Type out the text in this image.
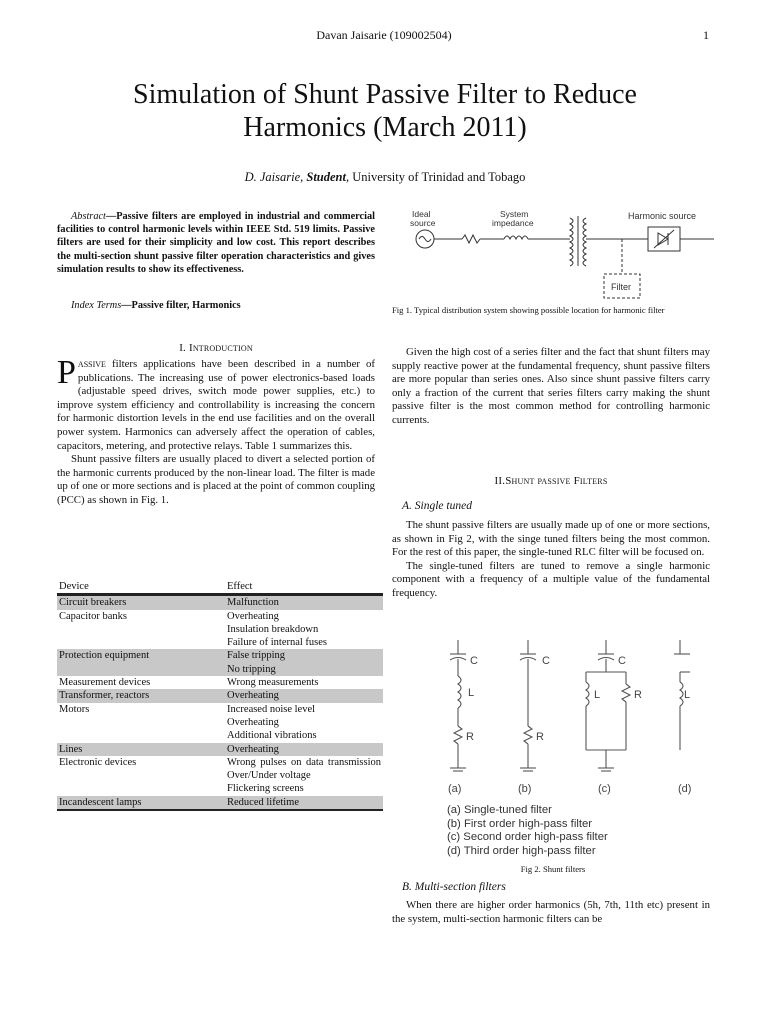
Davan Jaisarie (109002504)	1
Simulation of Shunt Passive Filter to Reduce
Harmonics (March 2011)
D. Jaisarie, Student, University of Trinidad and Tobago
Abstract—Passive filters are employed in industrial and commercial facilities to control harmonic levels within IEEE Std. 519 limits. Passive filters are used for their simplicity and low cost. This report describes the multi-section shunt passive filter operation characteristics and gives simulation results to show its effectiveness.
Index Terms—Passive filter, Harmonics
I. Introduction

Passive filters applications have been described in a number of publications. The increasing use of power electronics-based loads (adjustable speed drives, switch mode power supplies, etc.) to improve system efficiency and controllability is increasing the concern for harmonic distortion levels in the end use facilities and on the overall power system. Harmonics can adversely affect the operation of cables, capacitors, metering, and protective relays. Table 1 summarizes this.

Shunt passive filters are usually placed to divert a selected portion of the harmonic currents produced by the non-linear load. The filter is made up of one or more sections and is placed at the point of common coupling (PCC) as shown in Fig. 1.

Device	Effect
Circuit breakers	Malfunction

Capacitor banks	Overheating
Insulation breakdown
Failure of internal fuses

Protection equipment	False tripping
No tripping

Measurement devices	Wrong measurements

Transformer, reactors	Overheating

Motors	Increased noise level
Overheating
Additional vibrations

Lines	Overheating

Electronic devices	Wrong pulses on data transmission
Over/Under voltage
Flickering screens

Incandescent lamps	Reduced lifetime
Ideal
source
System
impedance
Harmonic source
Filter
Fig 1. Typical distribution system showing possible location for harmonic filter

Given the high cost of a series filter and the fact that shunt filters may supply reactive power at the fundamental frequency, shunt passive filters are more popular than series ones. Also since shunt passive filters carry only a fraction of the current that series filters carry making the shunt passive filter is the most common method for controlling harmonic currents.

II.Shunt passive Filters
A. Single tuned

The shunt passive filters are usually made up of one or more sections, as shown in Fig 2, with the singe tuned filters being the most common. For the rest of this paper, the single-tuned RLC filter will be focused on.

The single-tuned filters are tuned to remove a single harmonic component with a frequency of a multiple value of the fundamental frequency.

C
L
R
C
R
C
L	R	L
(a)	(b)	(c)	(d)
(a) Single-tuned filter
(b) First order high-pass filter
(c) Second order high-pass filter
(d) Third order high-pass filter
Fig 2. Shunt filters
B. Multi-section filters

When there are higher order harmonics (5h, 7th, 11th etc) present in the system, multi-section harmonic filters can be
